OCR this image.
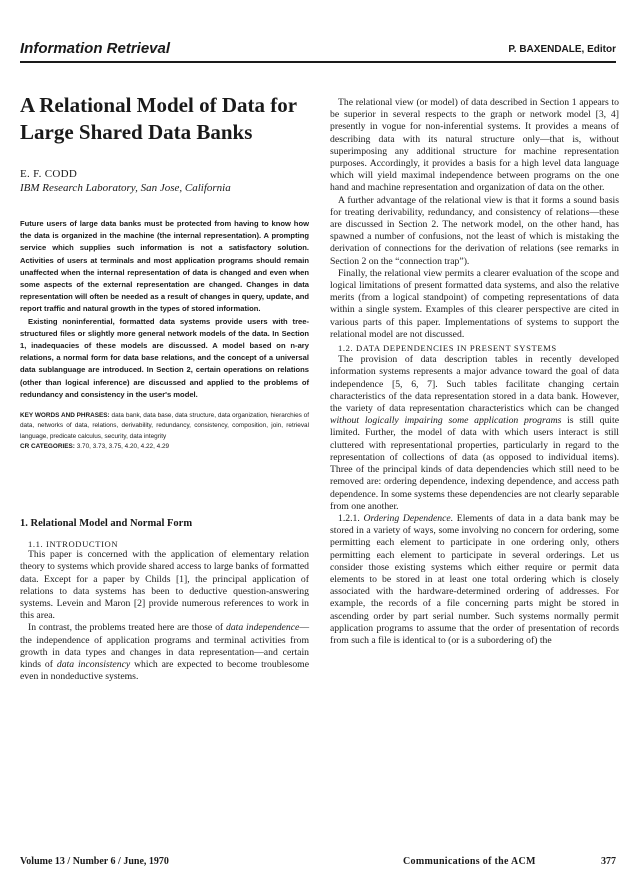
Information Retrieval	P. BAXENDALE, Editor
A Relational Model of Data for
Large Shared Data Banks
E. F. CODD
IBM Research Laboratory, San Jose, California

Future users of large data banks must be protected from having to know how the data is organized in the machine (the internal representation). A prompting service which supplies such information is not a satisfactory solution. Activities of users at terminals and most application programs should remain unaffected when the internal representation of data is changed and even when some aspects of the external representation are changed. Changes in data representation will often be needed as a result of changes in query, update, and report traffic and natural growth in the types of stored information.

Existing noninferential, formatted data systems provide users with tree-structured files or slightly more general network models of the data. In Section 1, inadequacies of these models are discussed. A model based on n-ary relations, a normal form for data base relations, and the concept of a universal data sublanguage are introduced. In Section 2, certain operations on relations (other than logical inference) are discussed and applied to the problems of redundancy and consistency in the user's model.

KEY WORDS AND PHRASES: data bank, data base, data structure, data organization, hierarchies of data, networks of data, relations, derivability, redundancy, consistency, composition, join, retrieval language, predicate calculus, security, data integrity
CR CATEGORIES: 3.70, 3.73, 3.75, 4.20, 4.22, 4.29
1. Relational Model and Normal Form
1.1. INTRODUCTION

This paper is concerned with the application of elementary relation theory to systems which provide shared access to large banks of formatted data. Except for a paper by Childs [1], the principal application of relations to data systems has been to deductive question-answering systems. Levein and Maron [2] provide numerous references to work in this area.

In contrast, the problems treated here are those of data independence—the independence of application programs and terminal activities from growth in data types and changes in data representation—and certain kinds of data inconsistency which are expected to become troublesome even in nondeductive systems.

The relational view (or model) of data described in Section 1 appears to be superior in several respects to the graph or network model [3, 4] presently in vogue for non-inferential systems. It provides a means of describing data with its natural structure only—that is, without superimposing any additional structure for machine representation purposes. Accordingly, it provides a basis for a high level data language which will yield maximal independence between programs on the one hand and machine representation and organization of data on the other.

A further advantage of the relational view is that it forms a sound basis for treating derivability, redundancy, and consistency of relations—these are discussed in Section 2. The network model, on the other hand, has spawned a number of confusions, not the least of which is mistaking the derivation of connections for the derivation of relations (see remarks in Section 2 on the “connection trap”).

Finally, the relational view permits a clearer evaluation of the scope and logical limitations of present formatted data systems, and also the relative merits (from a logical standpoint) of competing representations of data within a single system. Examples of this clearer perspective are cited in various parts of this paper. Implementations of systems to support the relational model are not discussed.

1.2. DATA DEPENDENCIES IN PRESENT SYSTEMS

The provision of data description tables in recently developed information systems represents a major advance toward the goal of data independence [5, 6, 7]. Such tables facilitate changing certain characteristics of the data representation stored in a data bank. However, the variety of data representation characteristics which can be changed without logically impairing some application programs is still quite limited. Further, the model of data with which users interact is still cluttered with representational properties, particularly in regard to the representation of collections of data (as opposed to individual items). Three of the principal kinds of data dependencies which still need to be removed are: ordering dependence, indexing dependence, and access path dependence. In some systems these dependencies are not clearly separable from one another.

1.2.1. Ordering Dependence. Elements of data in a data bank may be stored in a variety of ways, some involving no concern for ordering, some permitting each element to participate in one ordering only, others permitting each element to participate in several orderings. Let us consider those existing systems which either require or permit data elements to be stored in at least one total ordering which is closely associated with the hardware-determined ordering of addresses. For example, the records of a file concerning parts might be stored in ascending order by part serial number. Such systems normally permit application programs to assume that the order of presentation of records from such a file is identical to (or is a subordering of) the

Volume 13 / Number 6 / June, 1970	Communications of the ACM	377
